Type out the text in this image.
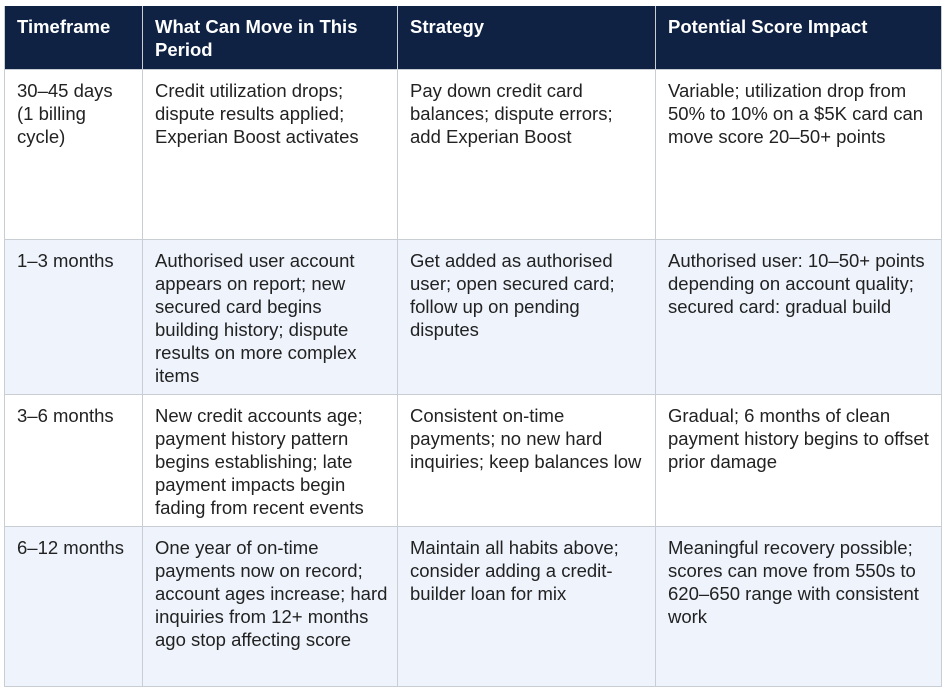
Timeframe	What Can Move in This Period	Strategy	Potential Score Impact

30–45 days (1 billing cycle)	Credit utilization drops; dispute results applied; Experian Boost activates	Pay down credit card balances; dispute errors; add Experian Boost	Variable; utilization drop from 50% to 10% on a $5K card can move score 20–50+ points

1–3 months	Authorised user account appears on report; new secured card begins building history; dispute results on more complex items	Get added as authorised user; open secured card; follow up on pending disputes	Authorised user: 10–50+ points depending on account quality; secured card: gradual build

3–6 months	New credit accounts age; payment history pattern begins establishing; late payment impacts begin fading from recent events	Consistent on-time payments; no new hard inquiries; keep balances low	Gradual; 6 months of clean payment history begins to offset prior damage

6–12 months	One year of on-time payments now on record; account ages increase; hard inquiries from 12+ months ago stop affecting score	Maintain all habits above; consider adding a credit-builder loan for mix	Meaningful recovery possible; scores can move from 550s to 620–650 range with consistent work
